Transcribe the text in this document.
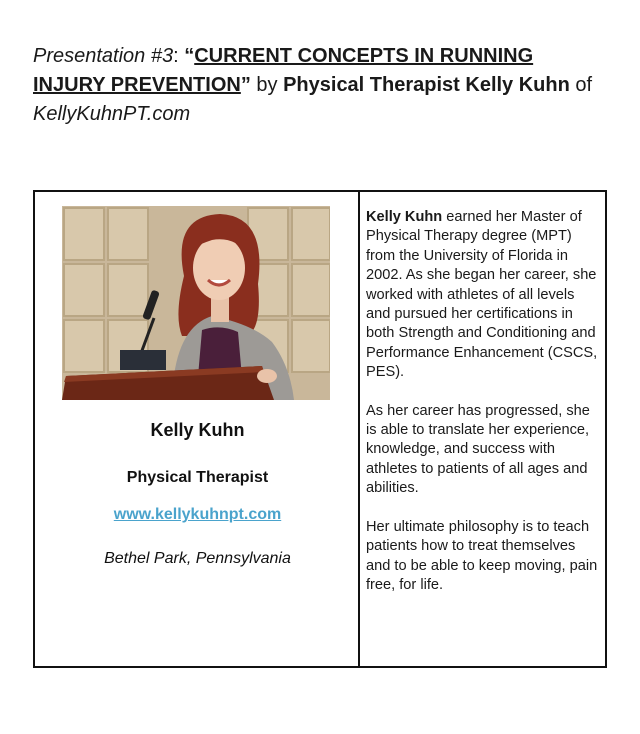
Presentation #3: “CURRENT CONCEPTS IN RUNNING INJURY PREVENTION” by Physical Therapist Kelly Kuhn of KellyKuhnPT.com
Kelly Kuhn
Physical Therapist
www.kellykuhnpt.com
Bethel Park, Pennsylvania

Kelly Kuhn earned her Master of Physical Therapy degree (MPT) from the University of Florida in 2002. As she began her career, she worked with athletes of all levels and pursued her certifications in both Strength and Conditioning and Performance Enhancement (CSCS, PES).

As her career has progressed, she is able to translate her experience, knowledge, and success with athletes to patients of all ages and abilities.

Her ultimate philosophy is to teach patients how to treat themselves and to be able to keep moving, pain free, for life.
